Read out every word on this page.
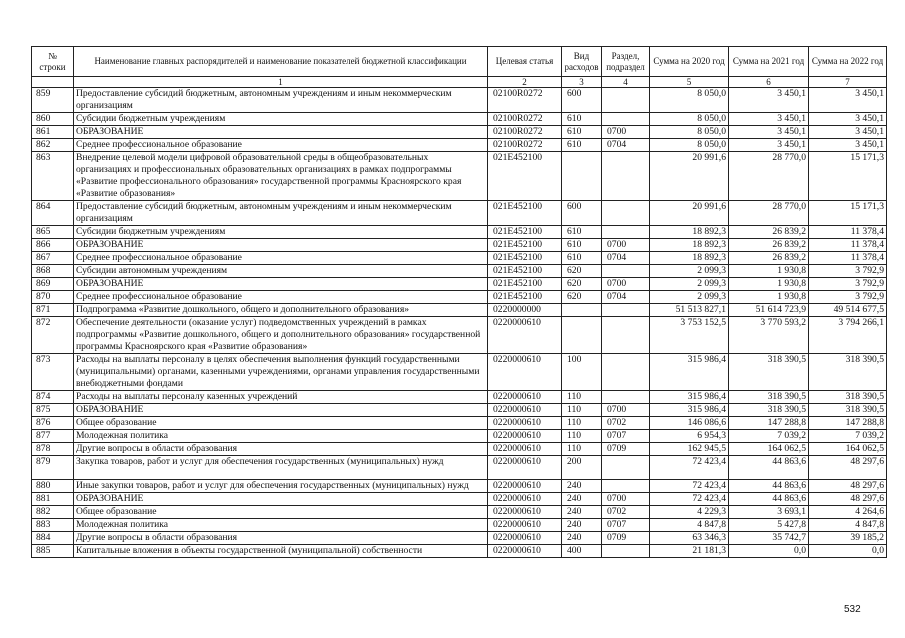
№ строки	Наименование главных распорядителей и наименование показателей бюджетной классификации	Целевая статья	Вид расходов	Раздел, подраздел	Сумма на 2020 год	Сумма на 2021 год	Сумма на 2022 год
	1	2	3	4	5	6	7
859	Предоставление субсидий бюджетным, автономным учреждениям и иным некоммерческим организациям	02100R0272	600		8 050,0	3 450,1	3 450,1
860	Субсидии бюджетным учреждениям	02100R0272	610		8 050,0	3 450,1	3 450,1
861	ОБРАЗОВАНИЕ	02100R0272	610	0700	8 050,0	3 450,1	3 450,1
862	Среднее профессиональное образование	02100R0272	610	0704	8 050,0	3 450,1	3 450,1
863	Внедрение целевой модели цифровой образовательной среды в общеобразовательных организациях и профессиональных образовательных организациях в рамках подпрограммы «Развитие профессионального образования» государственной программы Красноярского края «Развитие образования»	021E452100			20 991,6	28 770,0	15 171,3
864	Предоставление субсидий бюджетным, автономным учреждениям и иным некоммерческим организациям	021E452100	600		20 991,6	28 770,0	15 171,3
865	Субсидии бюджетным учреждениям	021E452100	610		18 892,3	26 839,2	11 378,4
866	ОБРАЗОВАНИЕ	021E452100	610	0700	18 892,3	26 839,2	11 378,4
867	Среднее профессиональное образование	021E452100	610	0704	18 892,3	26 839,2	11 378,4
868	Субсидии автономным учреждениям	021E452100	620		2 099,3	1 930,8	3 792,9
869	ОБРАЗОВАНИЕ	021E452100	620	0700	2 099,3	1 930,8	3 792,9
870	Среднее профессиональное образование	021E452100	620	0704	2 099,3	1 930,8	3 792,9
871	Подпрограмма «Развитие дошкольного, общего и дополнительного образования»	0220000000			51 513 827,1	51 614 723,9	49 514 677,5
872	Обеспечение деятельности (оказание услуг) подведомственных учреждений в рамках подпрограммы «Развитие дошкольного, общего и дополнительного образования» государственной программы Красноярского края «Развитие образования»	0220000610			3 753 152,5	3 770 593,2	3 794 266,1
873	Расходы на выплаты персоналу в целях обеспечения выполнения функций государственными (муниципальными) органами, казенными учреждениями, органами управления государственными внебюджетными фондами	0220000610	100		315 986,4	318 390,5	318 390,5
874	Расходы на выплаты персоналу казенных учреждений	0220000610	110		315 986,4	318 390,5	318 390,5
875	ОБРАЗОВАНИЕ	0220000610	110	0700	315 986,4	318 390,5	318 390,5
876	Общее образование	0220000610	110	0702	146 086,6	147 288,8	147 288,8
877	Молодежная политика	0220000610	110	0707	6 954,3	7 039,2	7 039,2
878	Другие вопросы в области образования	0220000610	110	0709	162 945,5	164 062,5	164 062,5
879	Закупка товаров, работ и услуг для обеспечения государственных (муниципальных) нужд	0220000610	200		72 423,4	44 863,6	48 297,6
880	Иные закупки товаров, работ и услуг для обеспечения государственных (муниципальных) нужд	0220000610	240		72 423,4	44 863,6	48 297,6
881	ОБРАЗОВАНИЕ	0220000610	240	0700	72 423,4	44 863,6	48 297,6
882	Общее образование	0220000610	240	0702	4 229,3	3 693,1	4 264,6
883	Молодежная политика	0220000610	240	0707	4 847,8	5 427,8	4 847,8
884	Другие вопросы в области образования	0220000610	240	0709	63 346,3	35 742,7	39 185,2
885	Капитальные вложения в объекты государственной (муниципальной) собственности	0220000610	400		21 181,3	0,0	0,0
532
